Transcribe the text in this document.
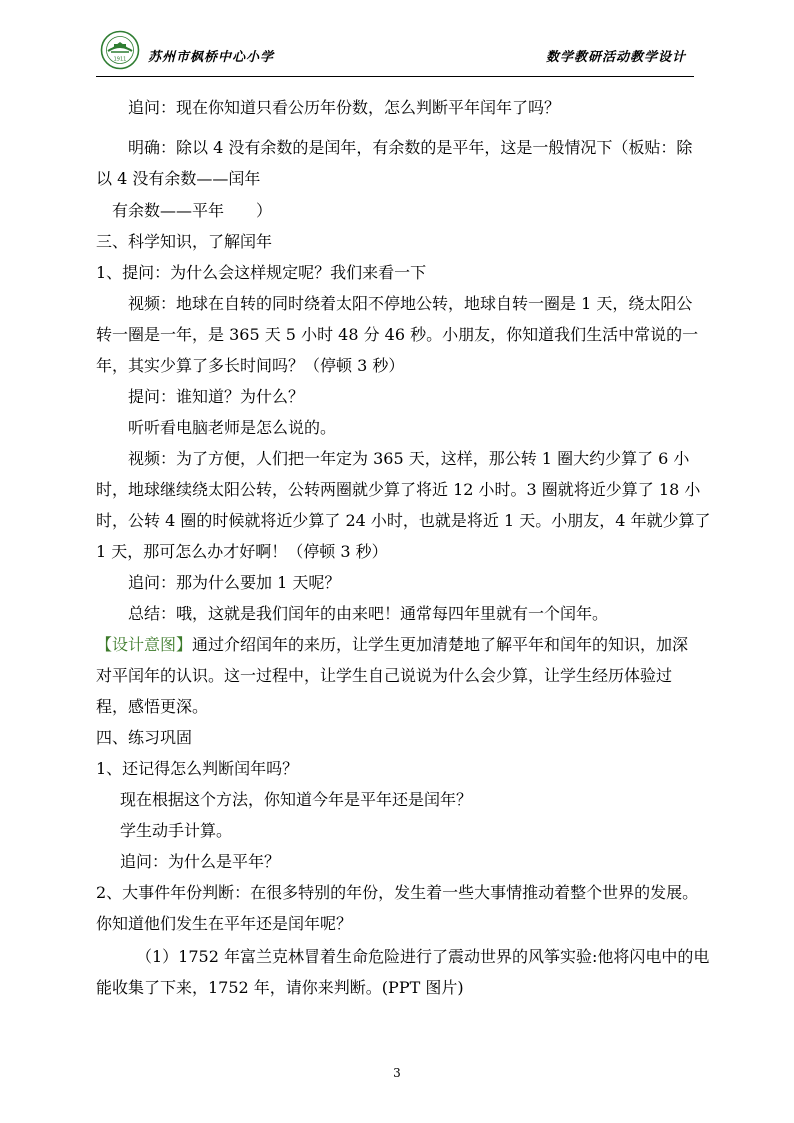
1911 苏州市枫桥中心小学	数学教研活动教学设计
追问：现在你知道只看公历年份数，怎么判断平年闰年了吗？
明确：除以 4 没有余数的是闰年，有余数的是平年，这是一般情况下（板贴：除
以 4 没有余数——闰年
有余数——平年　　）
三、科学知识，了解闰年
1、提问：为什么会这样规定呢？我们来看一下
视频：地球在自转的同时绕着太阳不停地公转，地球自转一圈是 1 天，绕太阳公
转一圈是一年，是 365 天 5 小时 48 分 46 秒。小朋友，你知道我们生活中常说的一
年，其实少算了多长时间吗？（停顿 3 秒）
提问：谁知道？为什么？
听听看电脑老师是怎么说的。
视频：为了方便，人们把一年定为 365 天，这样，那公转 1 圈大约少算了 6 小
时，地球继续绕太阳公转，公转两圈就少算了将近 12 小时。3 圈就将近少算了 18 小
时，公转 4 圈的时候就将近少算了 24 小时，也就是将近 1 天。小朋友，4 年就少算了
1 天，那可怎么办才好啊！（停顿 3 秒）
追问：那为什么要加 1 天呢？
总结：哦，这就是我们闰年的由来吧！通常每四年里就有一个闰年。
【设计意图】通过介绍闰年的来历，让学生更加清楚地了解平年和闰年的知识，加深
对平闰年的认识。这一过程中，让学生自己说说为什么会少算，让学生经历体验过
程，感悟更深。
四、练习巩固
1、还记得怎么判断闰年吗？
现在根据这个方法，你知道今年是平年还是闰年？
学生动手计算。
追问：为什么是平年？
2、大事件年份判断：在很多特别的年份，发生着一些大事情推动着整个世界的发展。
你知道他们发生在平年还是闰年呢？
（1）1752 年富兰克林冒着生命危险进行了震动世界的风筝实验:他将闪电中的电
能收集了下来，1752 年，请你来判断。(PPT 图片)
3
